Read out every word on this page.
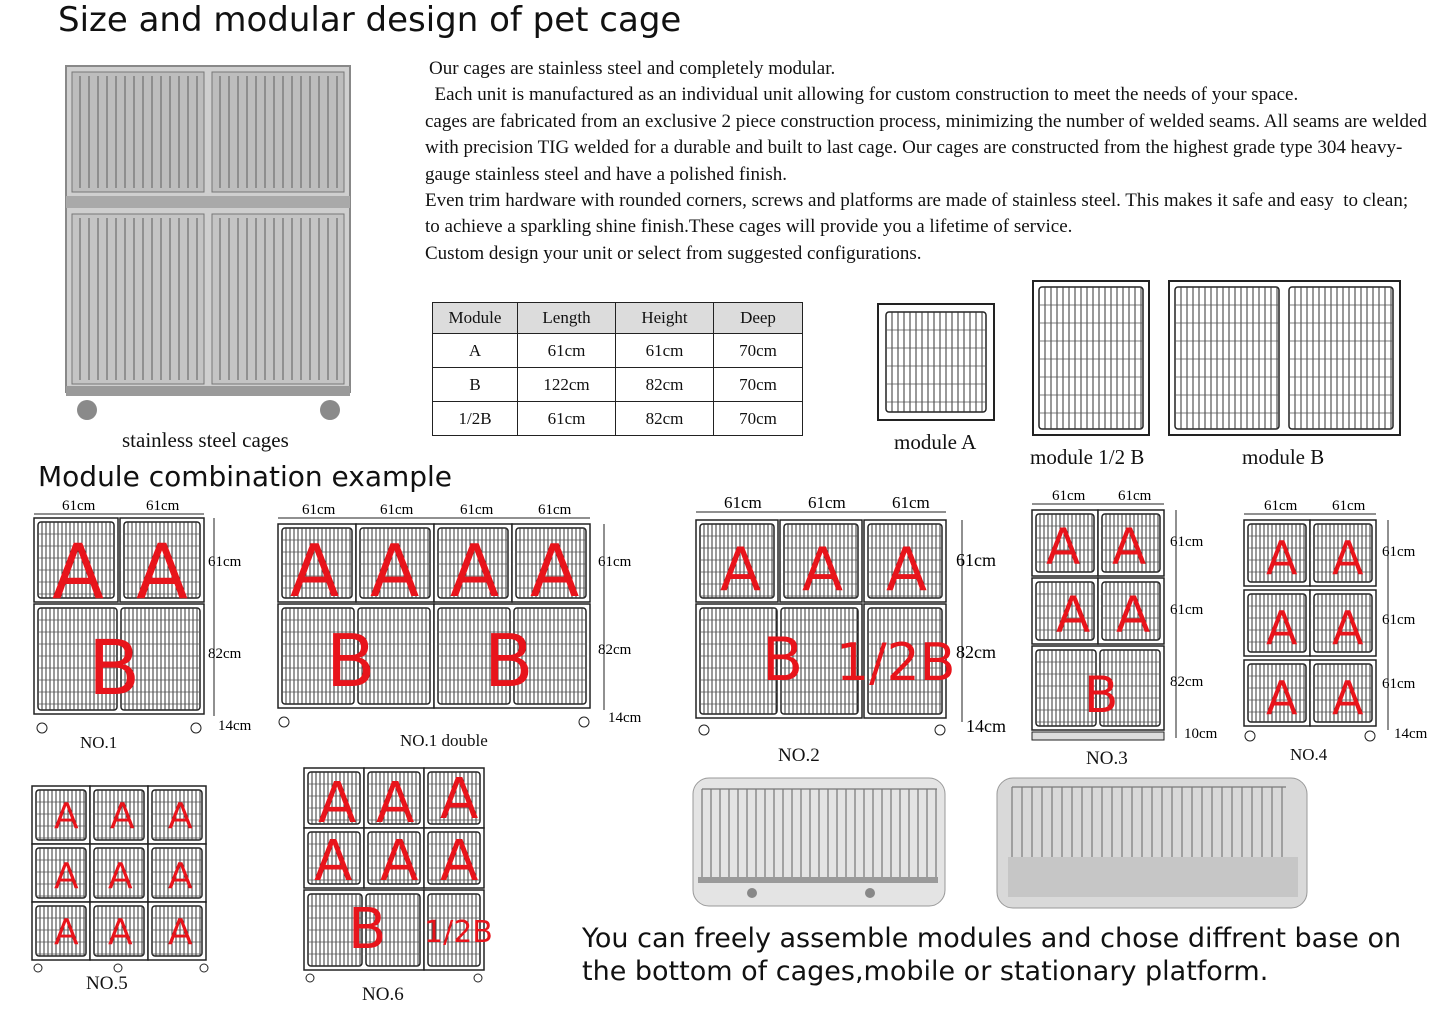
Size and modular design of pet cage
stainless steel cages

Our cages are stainless steel and completely modular.

Each unit is manufactured as an individual unit allowing for custom construction to meet the needs of your space.

cages are fabricated from an exclusive 2 piece construction process, minimizing the number of welded seams. All seams are welded with precision TIG welded for a durable and built to last cage. Our cages are constructed from the highest grade type 304 heavy-gauge stainless steel and have a polished finish.

Even trim hardware with rounded corners, screws and platforms are made of stainless steel. This makes it safe and easy  to clean;

to achieve a sparkling shine finish.These cages will provide you a lifetime of service.

Custom design your unit or select from suggested configurations.

Module	Length	Height	Deep
A	61cm	61cm	70cm
B	122cm	82cm	70cm
1/2B	61cm	82cm	70cm
module A
module 1/2 B	module B
Module combination example
A A
B
61cm	61cm
61cm
82cm
14cm
NO.1
A A A A
B B
61cm	61cm	61cm	61cm
61cm
82cm
14cm
NO.1 double
A A A
B 1/2B
61cm	61cm	61cm
61cm
82cm
14cm
NO.2
A A
A A
B
61cm 61cm
61cm
61cm
82cm
10cm
NO.3
A A
A A
A A
61cm 61cm
61cm
61cm
61cm
14cm
NO.4
A A A
A A A
A A A
NO.5
A A A
A A A
B 1/2B
NO.6
You can freely assemble modules and chose diffrent base on the bottom of cages,mobile or stationary platform.
